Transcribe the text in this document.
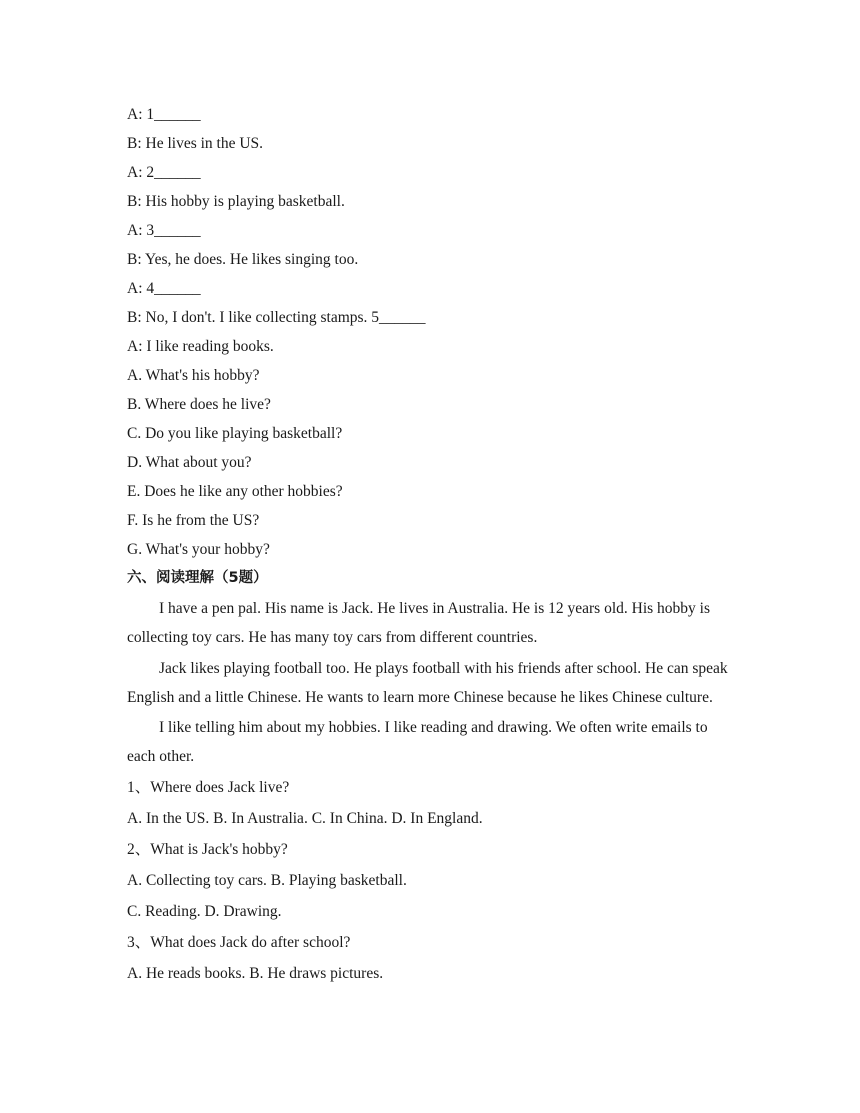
A: 1______
B: He lives in the US.
A: 2______
B: His hobby is playing basketball.
A: 3______
B: Yes, he does. He likes singing too.
A: 4______
B: No, I don't. I like collecting stamps. 5______
A: I like reading books.
A. What's his hobby?
B. Where does he live?
C. Do you like playing basketball?
D. What about you?
E. Does he like any other hobbies?
F. Is he from the US?
G. What's your hobby?
六、阅读理解（5题）

I have a pen pal. His name is Jack. He lives in Australia. He is 12 years old. His hobby is collecting toy cars. He has many toy cars from different countries.

Jack likes playing football too. He plays football with his friends after school. He can speak English and a little Chinese. He wants to learn more Chinese because he likes Chinese culture.

I like telling him about my hobbies. I like reading and drawing. We often write emails to each other.

1、Where does Jack live?
A. In the US. B. In Australia. C. In China. D. In England.
2、What is Jack's hobby?
A. Collecting toy cars. B. Playing basketball.
C. Reading. D. Drawing.
3、What does Jack do after school?
A. He reads books. B. He draws pictures.
